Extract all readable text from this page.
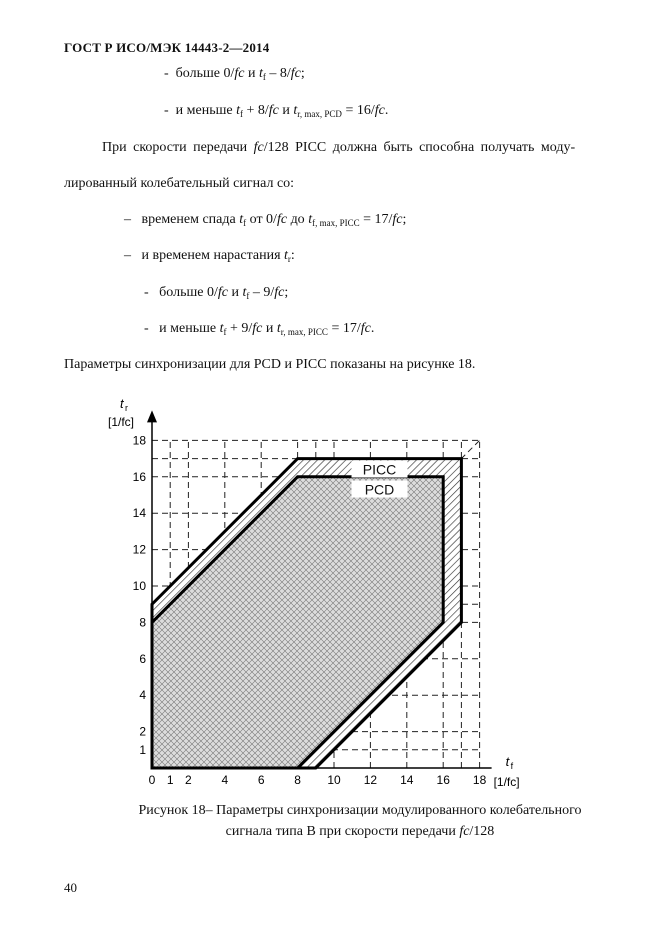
ГОСТ Р ИСО/МЭК 14443-2—2014
- больше 0/fc и $t_f - 8/fc$;
- и меньше $t_f + 8/fc$ и $t_{r, max, PCD} = 16/fc$.
При скорости передачи fc/128 PICC должна быть способна получать моду-
лированный колебательный сигнал со:
– временем спада $t_f$ от 0/fc до $t_{f, max, PICC} = 17/fc$;
– и временем нарастания $t_r$:
- больше 0/fc и $t_f - 9/fc$;
- и меньше $t_f + 9/fc$ и $t_{r, max, PICC} = 17/fc$.
Параметры синхронизации для PCD и PICC показаны на рисунке 18.
0 1 2 4 6 8 10 12 14 16 18
1
2
4
6
8
10
12
14
16
18
PICC
PCD
t r
[1/fc]
t f
[1/fc]
Рисунок 18– Параметры синхронизации модулированного колебательного
сигнала типа B при скорости передачи fc/128
40
